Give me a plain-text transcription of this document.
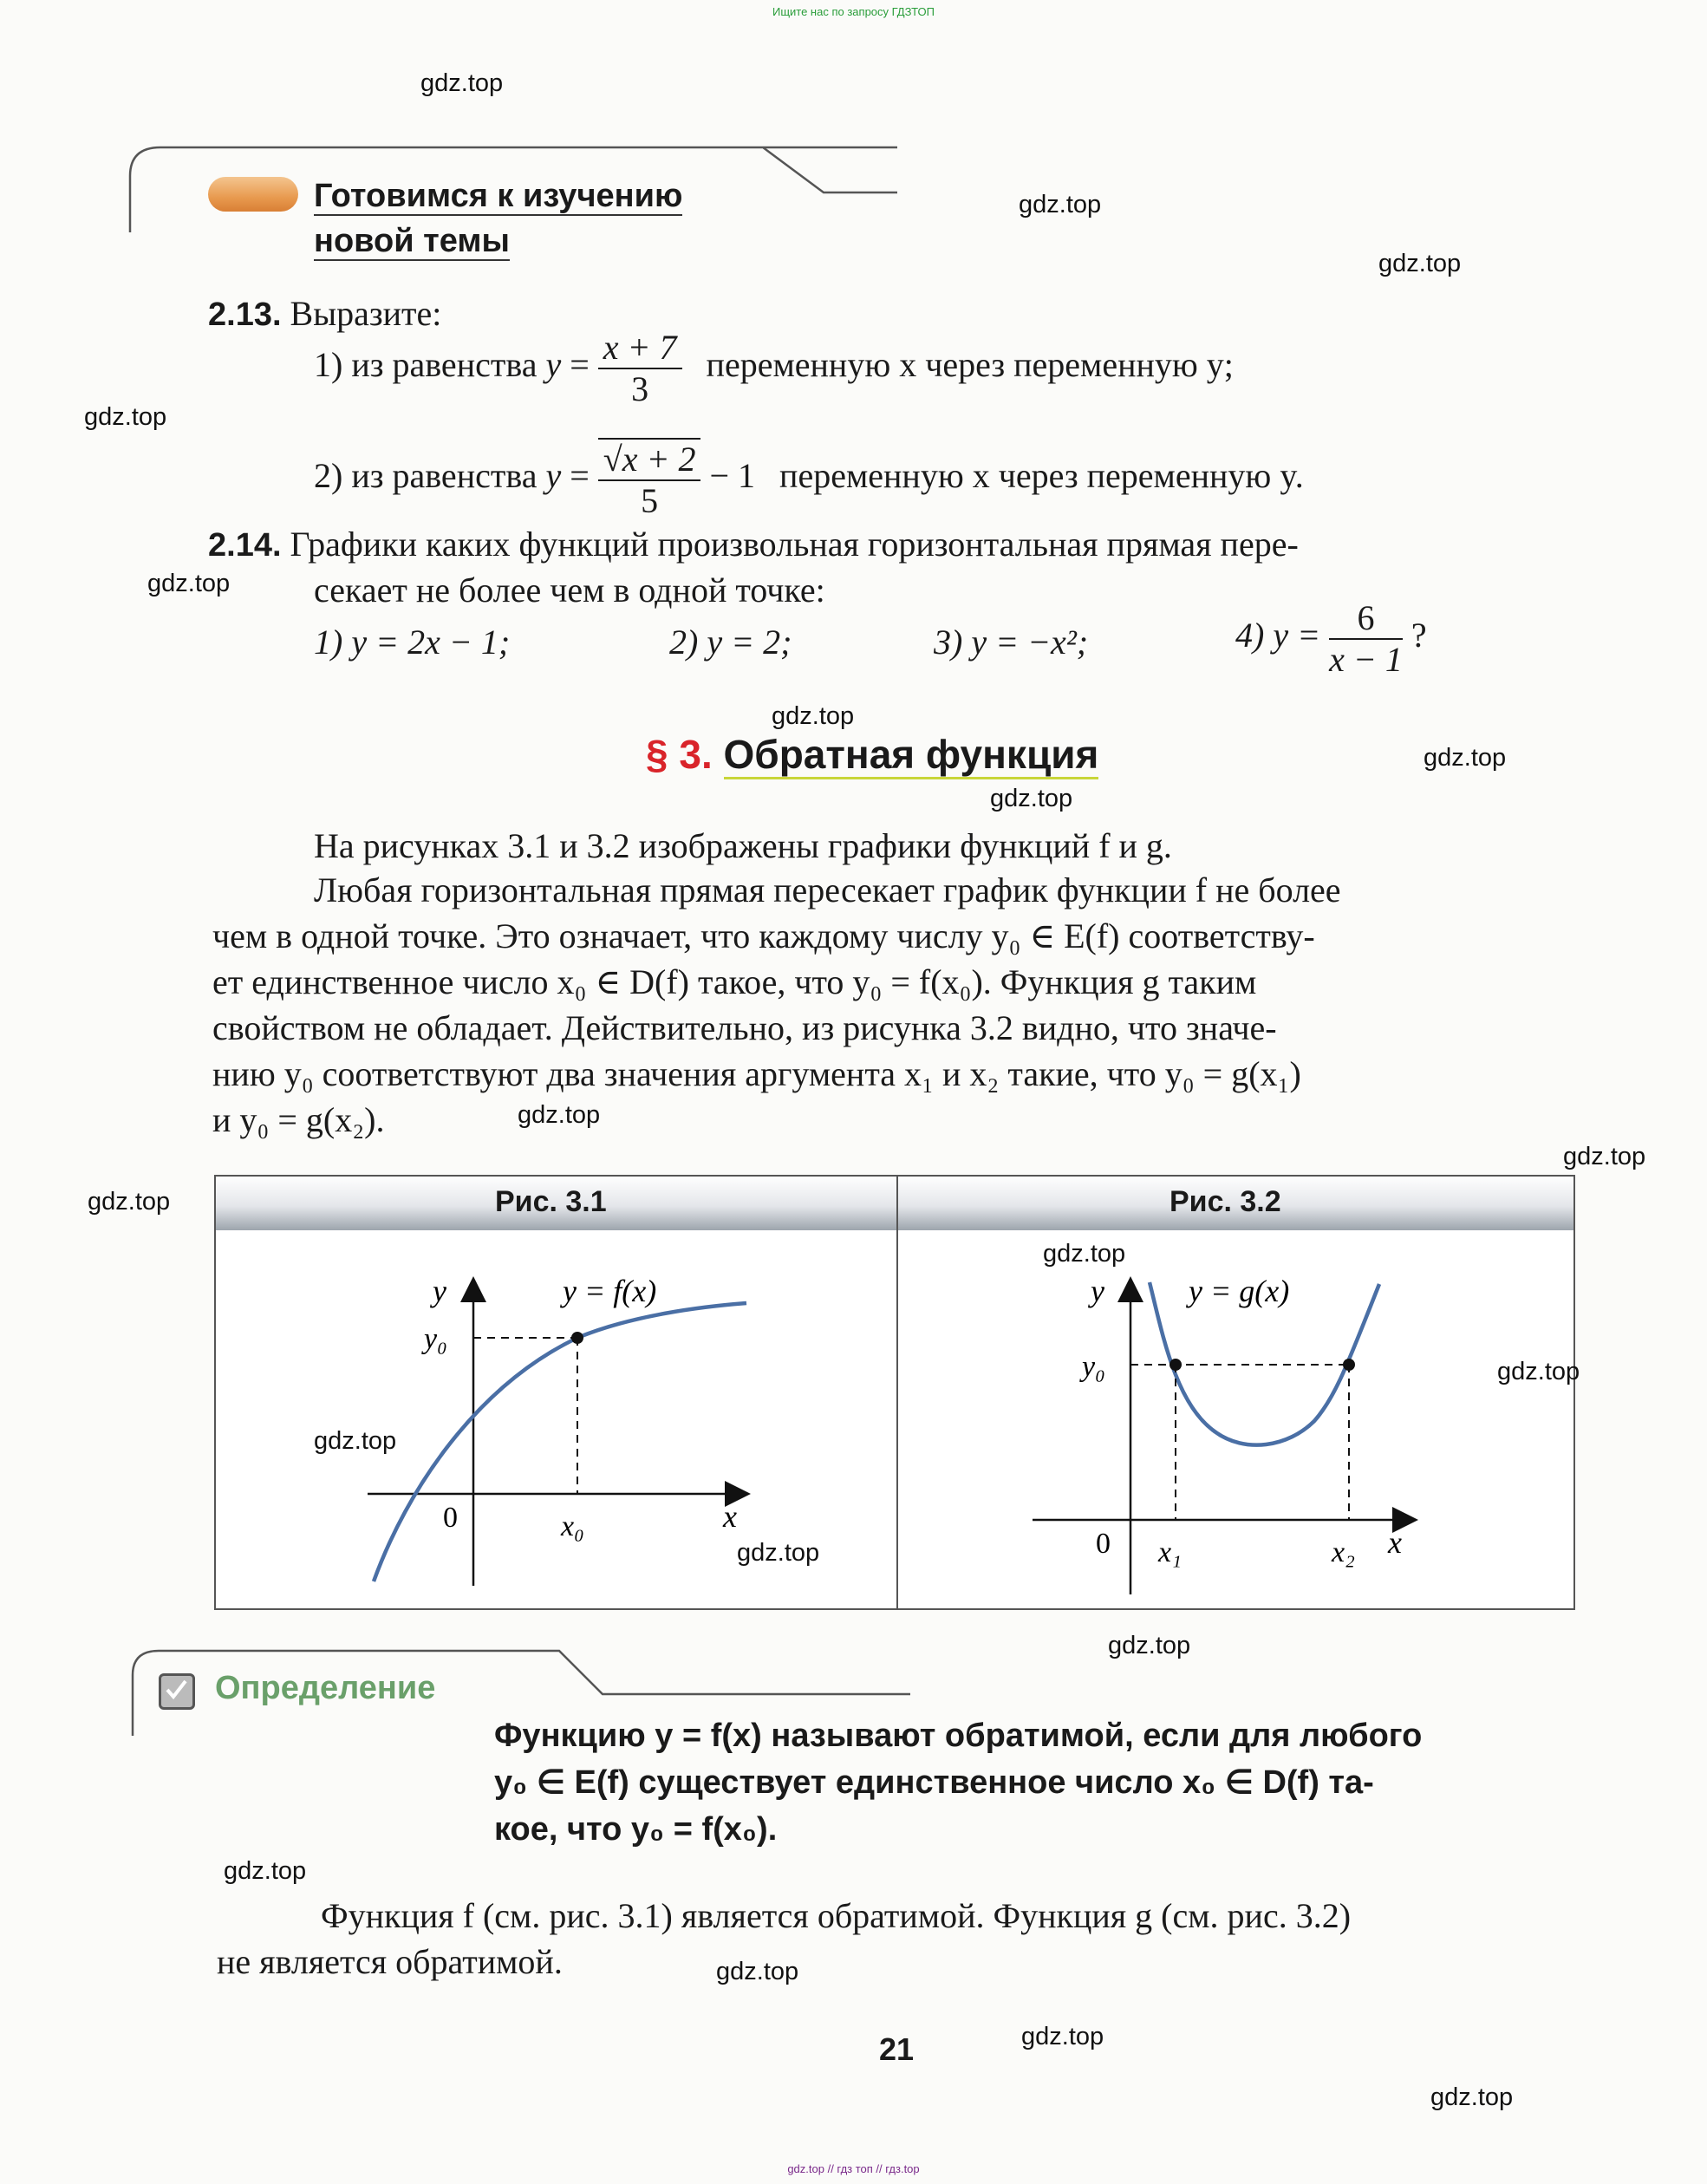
Ищите нас по запросу ГДЗТОП
Готовимся к изучению
новой темы
2.13. Выразите:
1) из равенства $y = \frac{x + 7}{3}$ переменную x через переменную y;
2) из равенства $y = \frac{√x + 2}{5} - 1$ переменную x через переменную y.
2.14. Графики каких функций произвольная горизонтальная прямая пере-
секает не более чем в одной точке:
1) y = 2x − 1;	2) y = 2;	3) y = −x²;	4) $y = \frac{6}{x - 1}$ ?
§ 3. Обратная функция
На рисунках 3.1 и 3.2 изображены графики функций f и g.
Любая горизонтальная прямая пересекает график функции f не более
чем в одной точке. Это означает, что каждому числу y₀ ∈ E(f) соответству-
ет единственное число x₀ ∈ D(f) такое, что y₀ = f(x₀). Функция g таким
свойством не обладает. Действительно, из рисунка 3.2 видно, что значе-
нию y₀ соответствуют два значения аргумента x₁ и x₂ такие, что y₀ = g(x₁)
и y₀ = g(x₂).
Рис. 3.1	Рис. 3.2
y
x
0
y₀
x₀
y = f(x)	y
x
0
y₀
x₁	x₂
y = g(x)
Определение
Функцию y = f(x) называют обратимой, если для любого
y₀ ∈ E(f) существует единственное число x₀ ∈ D(f) та-
кое, что y₀ = f(x₀).
Функция f (см. рис. 3.1) является обратимой. Функция g (см. рис. 3.2)
не является обратимой.
21
gdz.top
gdz.top
gdz.top
gdz.top
gdz.top
gdz.top
gdz.top
gdz.top
gdz.top
gdz.top
gdz.top
gdz.top
gdz.top
gdz.top
gdz.top
gdz.top
gdz.top
gdz.top
gdz.top
gdz.top
gdz.top // гдз топ // гдз.top
